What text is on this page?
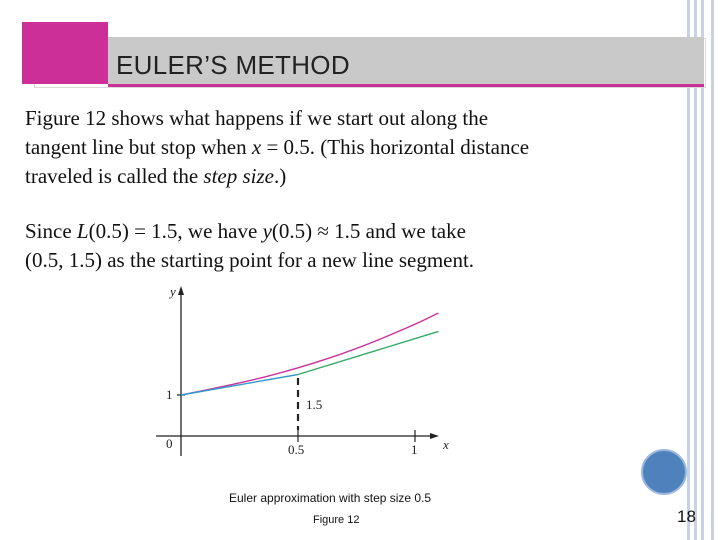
EULER’S METHOD
Figure 12 shows what happens if we start out along the
tangent line but stop when x = 0.5. (This horizontal distance
traveled is called the step size.)
Since L(0.5) = 1.5, we have y(0.5) ≈ 1.5 and we take
(0.5, 1.5) as the starting point for a new line segment.
y
x
1
0	0.5	1
1.5
Euler approximation with step size 0.5
Figure 12	18
